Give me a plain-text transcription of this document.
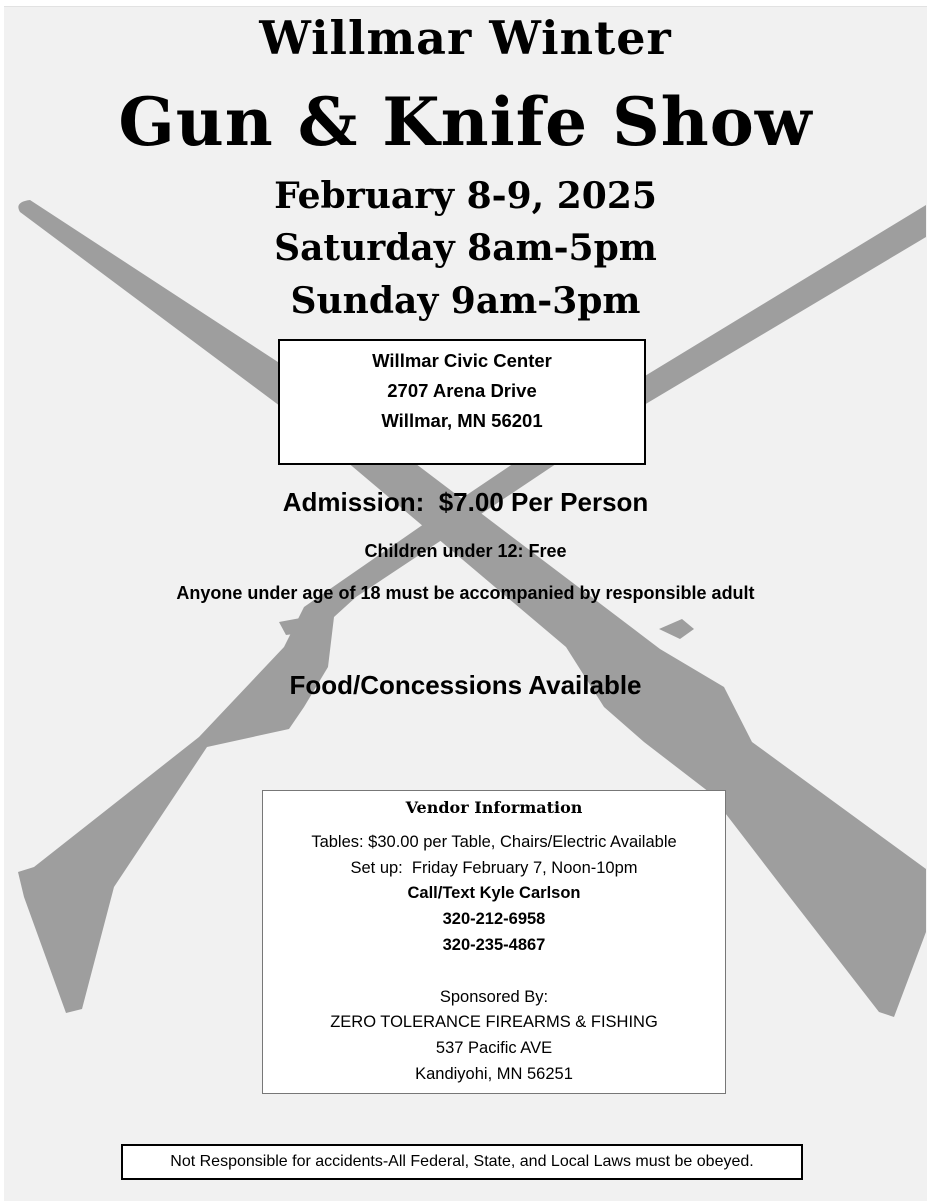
Willmar Winter
Gun & Knife Show
February 8-9, 2025
Saturday 8am-5pm
Sunday 9am-3pm
Willmar Civic Center
2707 Arena Drive
Willmar, MN 56201
Admission:  $7.00 Per Person
Children under 12: Free
Anyone under age of 18 must be accompanied by responsible adult
Food/Concessions Available
Vendor Information
Tables: $30.00 per Table, Chairs/Electric Available
Set up:  Friday February 7, Noon-10pm
Call/Text Kyle Carlson
320-212-6958
320-235-4867
Sponsored By:
ZERO TOLERANCE FIREARMS & FISHING
537 Pacific AVE
Kandiyohi, MN 56251
Not Responsible for accidents-All Federal, State, and Local Laws must be obeyed.
